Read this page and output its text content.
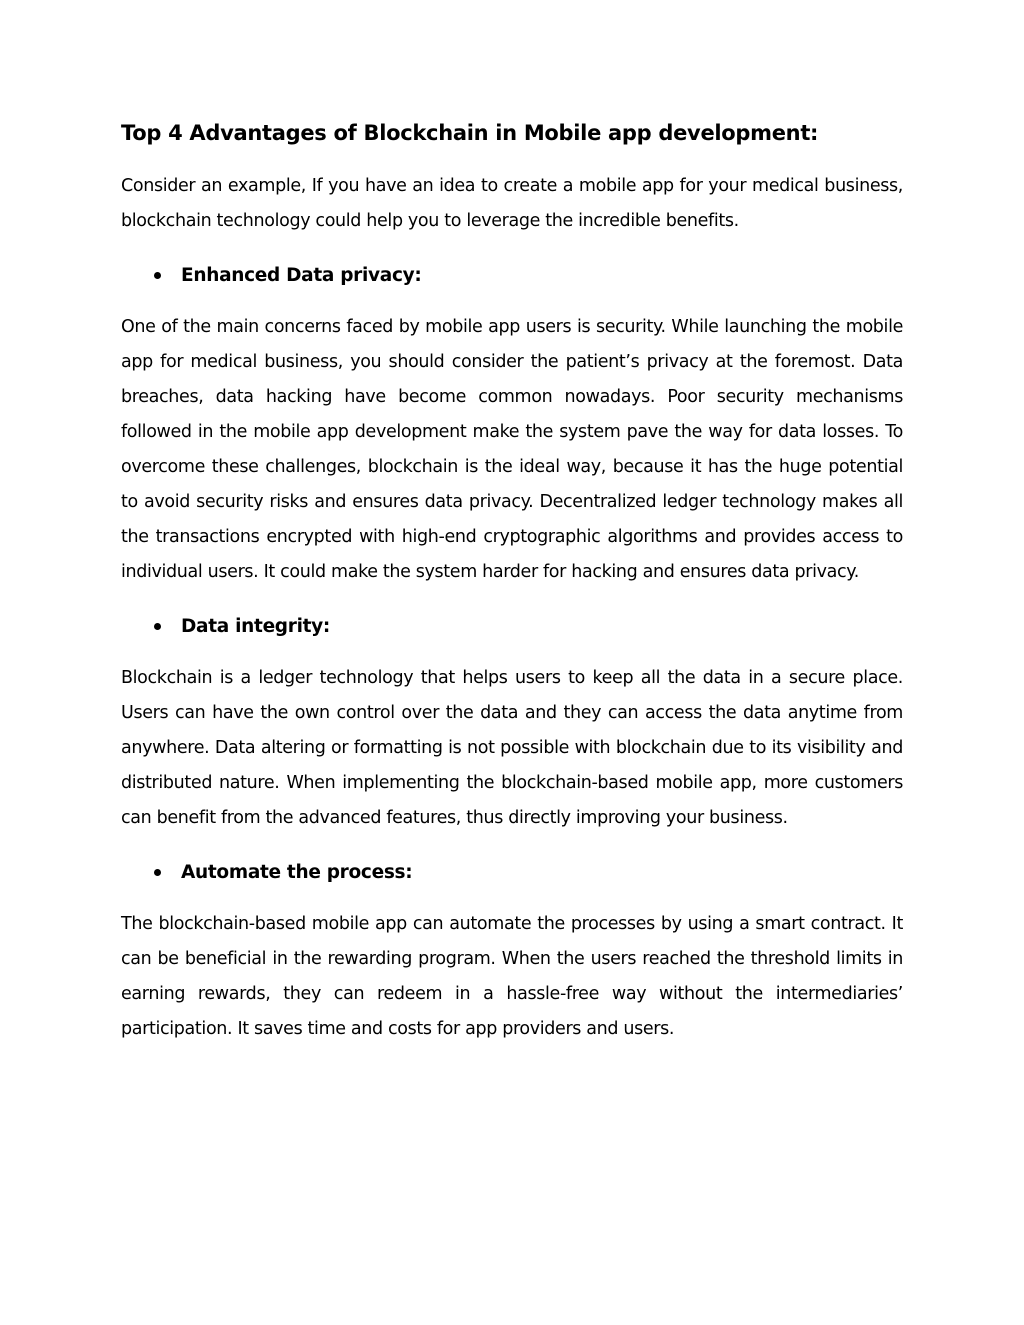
Top 4 Advantages of Blockchain in Mobile app development:

Consider an example, If you have an idea to create a mobile app for your medical business, blockchain technology could help you to leverage the incredible benefits.

Enhanced Data privacy:

One of the main concerns faced by mobile app users is security. While launching the mobile app for medical business, you should consider the patient’s privacy at the foremost. Data breaches, data hacking have become common nowadays. Poor security mechanisms followed in the mobile app development make the system pave the way for data losses. To overcome these challenges, blockchain is the ideal way, because it has the huge potential to avoid security risks and ensures data privacy. Decentralized ledger technology makes all the transactions encrypted with high-end cryptographic algorithms and provides access to individual users. It could make the system harder for hacking and ensures data privacy.

Data integrity:

Blockchain is a ledger technology that helps users to keep all the data in a secure place. Users can have the own control over the data and they can access the data anytime from anywhere. Data altering or formatting is not possible with blockchain due to its visibility and distributed nature. When implementing the blockchain-based mobile app, more customers can benefit from the advanced features, thus directly improving your business.

Automate the process:

The blockchain-based mobile app can automate the processes by using a smart contract. It can be beneficial in the rewarding program. When the users reached the threshold limits in earning rewards, they can redeem in a hassle-free way without the intermediaries’ participation. It saves time and costs for app providers and users.
